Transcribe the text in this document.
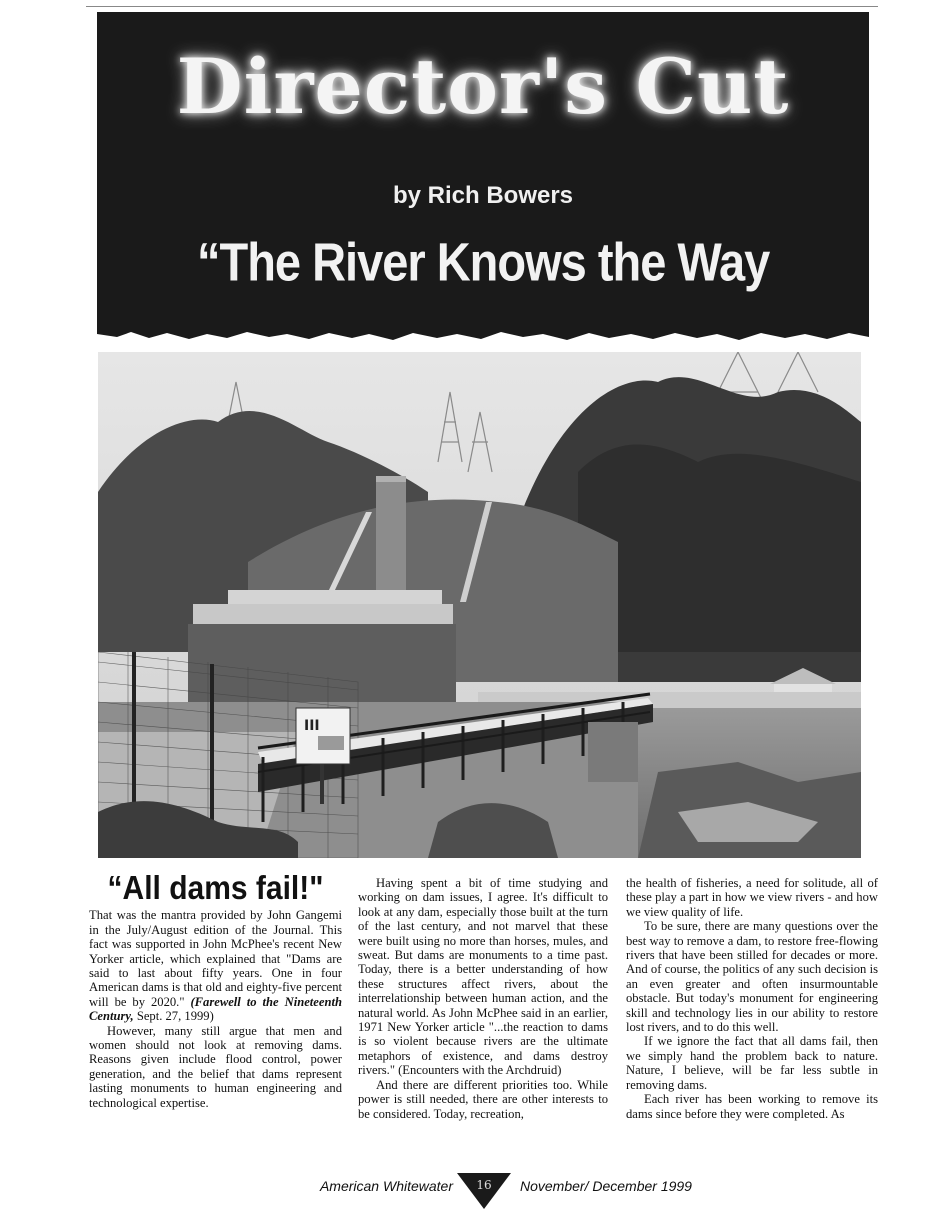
Director's Cut
by Rich Bowers
“The River Knows the Way
III
“All dams fail!"

That was the mantra provided by John Gangemi in the July/August edition of the Journal. This fact was supported in John McPhee's recent New Yorker article, which explained that "Dams are said to last about fifty years. One in four American dams is that old and eighty-five percent will be by 2020." (Farewell to the Nineteenth Century, Sept. 27, 1999)

However, many still argue that men and women should not look at removing dams. Reasons given include flood control, power generation, and the belief that dams represent lasting monuments to human engineering and technological expertise.

Having spent a bit of time studying and working on dam issues, I agree. It's difficult to look at any dam, especially those built at the turn of the last century, and not marvel that these were built using no more than horses, mules, and sweat. But dams are monuments to a time past. Today, there is a better understanding of how these structures affect rivers, about the interrelationship between human action, and the natural world. As John McPhee said in an earlier, 1971 New Yorker article "...the reaction to dams is so violent because rivers are the ultimate metaphors of existence, and dams destroy rivers." (Encounters with the Archdruid)

And there are different priorities too. While power is still needed, there are other interests to be considered. Today, recreation,

the health of fisheries, a need for solitude, all of these play a part in how we view rivers - and how we view quality of life.

To be sure, there are many questions over the best way to remove a dam, to restore free-flowing rivers that have been stilled for decades or more. And of course, the politics of any such decision is an even greater and often insurmountable obstacle. But today's monument for engineering skill and technology lies in our ability to restore lost rivers, and to do this well.

If we ignore the fact that all dams fail, then we simply hand the problem back to nature. Nature, I believe, will be far less subtle in removing dams.

Each river has been working to remove its dams since before they were completed. As

American Whitewater 16 November/ December 1999
